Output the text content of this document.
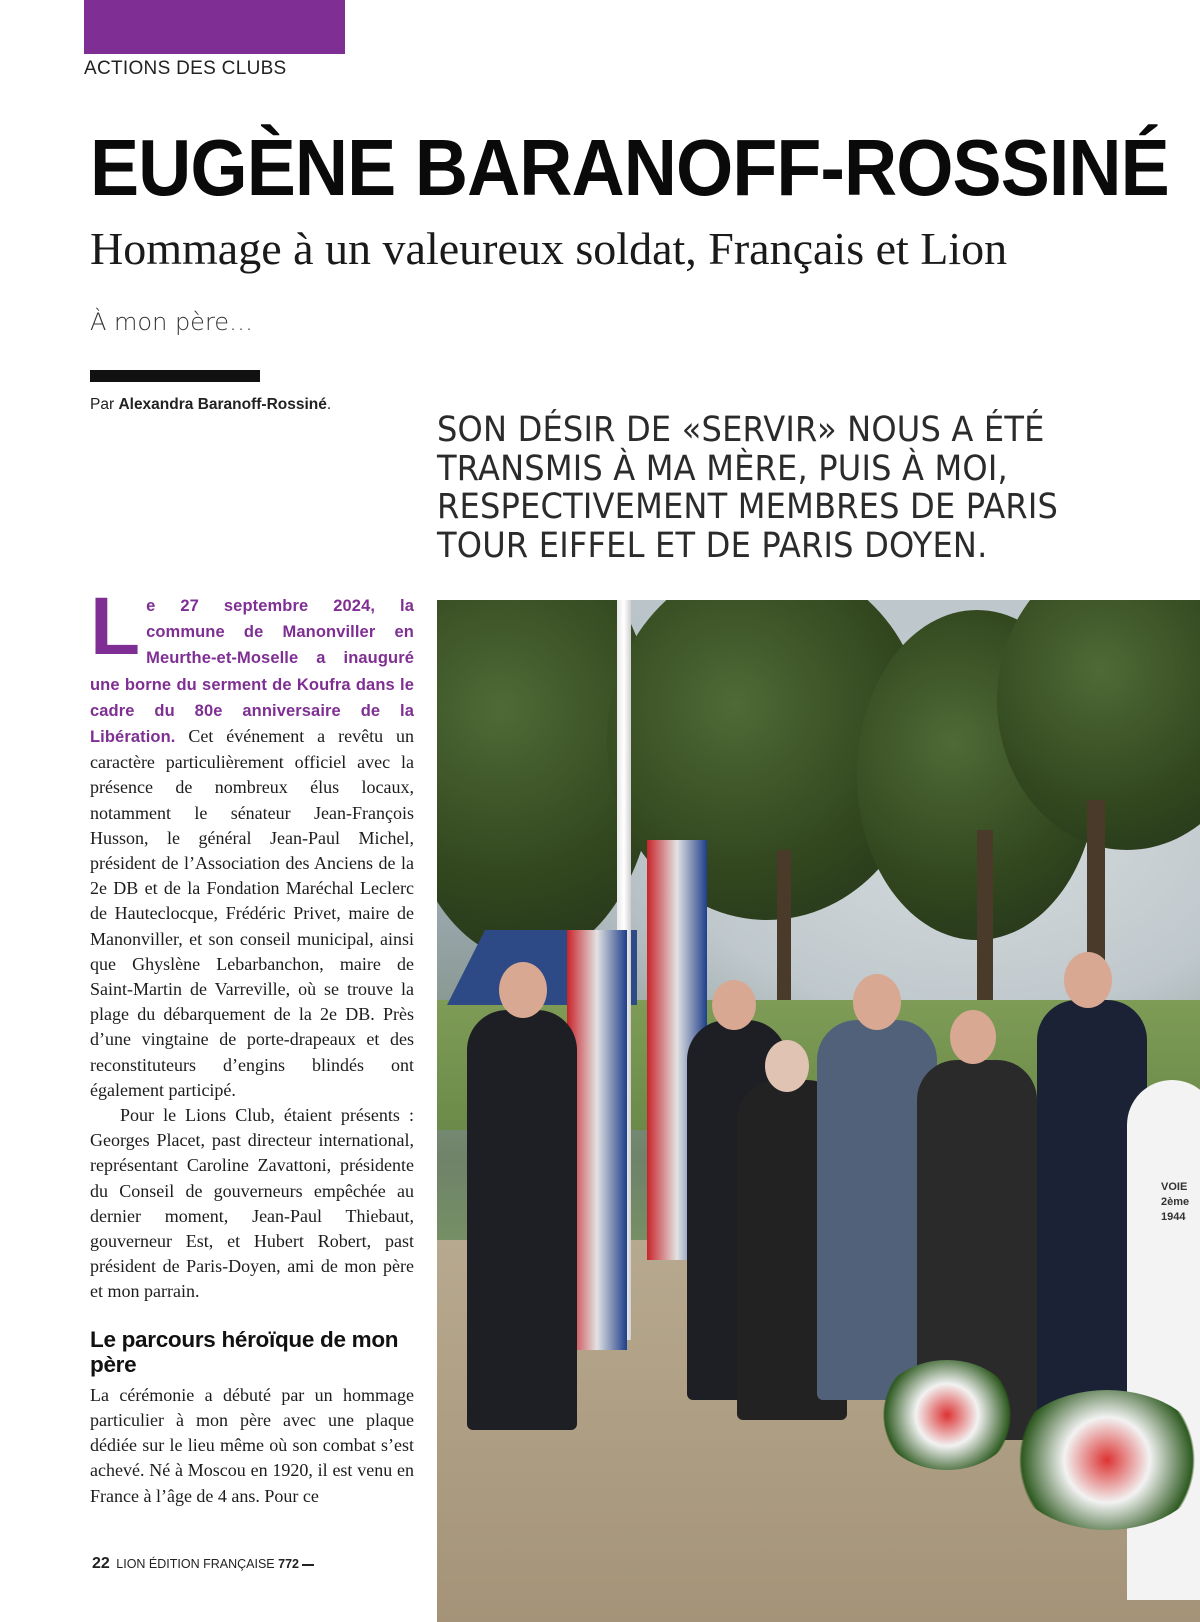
ACTIONS DES CLUBS
EUGÈNE BARANOFF-ROSSINÉ
Hommage à un valeureux soldat, Français et Lion
À mon père…
Par Alexandra Baranoff-Rossiné.
SON DÉSIR DE «SERVIR» NOUS A ÉTÉ TRANSMIS À MA MÈRE, PUIS À MOI, RESPECTIVEMENT MEMBRES DE PARIS TOUR EIFFEL ET DE PARIS DOYEN.

Le 27 septembre 2024, la commune de Manonviller en Meurthe-et-Moselle a inauguré une borne du serment de Koufra dans le cadre du 80e anniversaire de la Libération. Cet événement a revêtu un caractère particulièrement officiel avec la présence de nombreux élus locaux, notamment le sénateur Jean-François Husson, le général Jean-Paul Michel, président de l’Association des Anciens de la 2e DB et de la Fondation Maréchal Leclerc de Hauteclocque, Frédéric Privet, maire de Manonviller, et son conseil municipal, ainsi que Ghyslène Lebarbanchon, maire de Saint-Martin de Varreville, où se trouve la plage du débarquement de la 2e DB. Près d’une vingtaine de porte-drapeaux et des reconstituteurs d’engins blindés ont également participé.

Pour le Lions Club, étaient présents : Georges Placet, past directeur international, représentant Caroline Zavattoni, présidente du Conseil de gouverneurs empêchée au dernier moment, Jean-Paul Thiebaut, gouverneur Est, et Hubert Robert, past président de Paris-Doyen, ami de mon père et mon parrain.

Le parcours héroïque de mon père

La cérémonie a débuté par un hommage particulier à mon père avec une plaque dédiée sur le lieu même où son combat s’est achevé. Né à Moscou en 1920, il est venu en France à l’âge de 4 ans. Pour ce

VOIE
2ème
1944
22 LION ÉDITION FRANÇAISE 772
